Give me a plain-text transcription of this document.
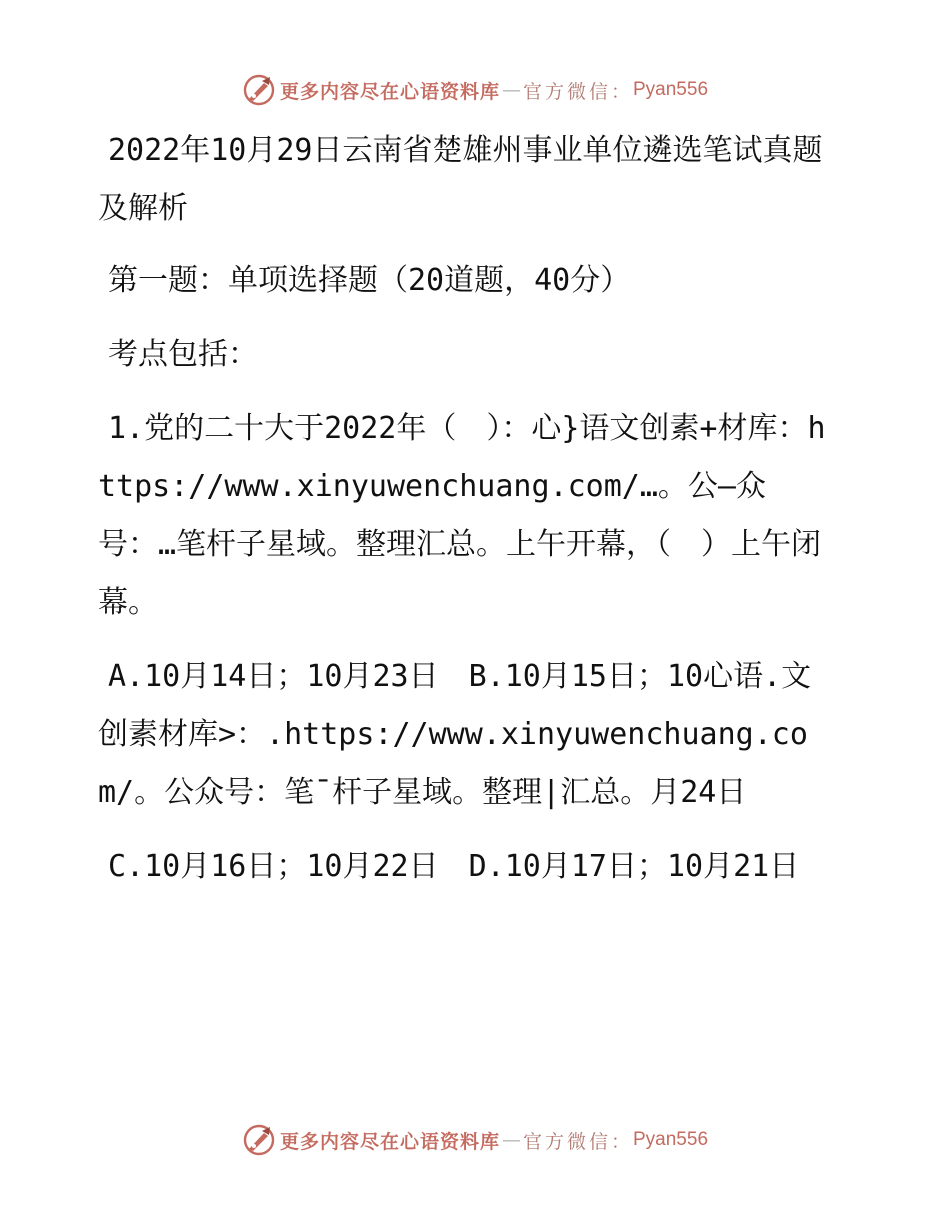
更多内容尽在心语资料库 — 官方微信： Pyan556
2022年10月29日云南省楚雄州事业单位遴选笔试真题及解析
第一题：单项选择题（20道题，40分）
考点包括：
1.党的二十大于2022年（　）：心}语文创素+材库：https://www.xinyuwenchuang.com/…。公—众号：…笔杆子星域。整理汇总。上午开幕，（　）上午闭幕。
A.10月14日；10月23日　B.10月15日；10心语.文创素材库>：.https://www.xinyuwenchuang.com/。公众号：笔¯杆子星域。整理|汇总。月24日
C.10月16日；10月22日　D.10月17日；10月21日
更多内容尽在心语资料库 — 官方微信： Pyan556
